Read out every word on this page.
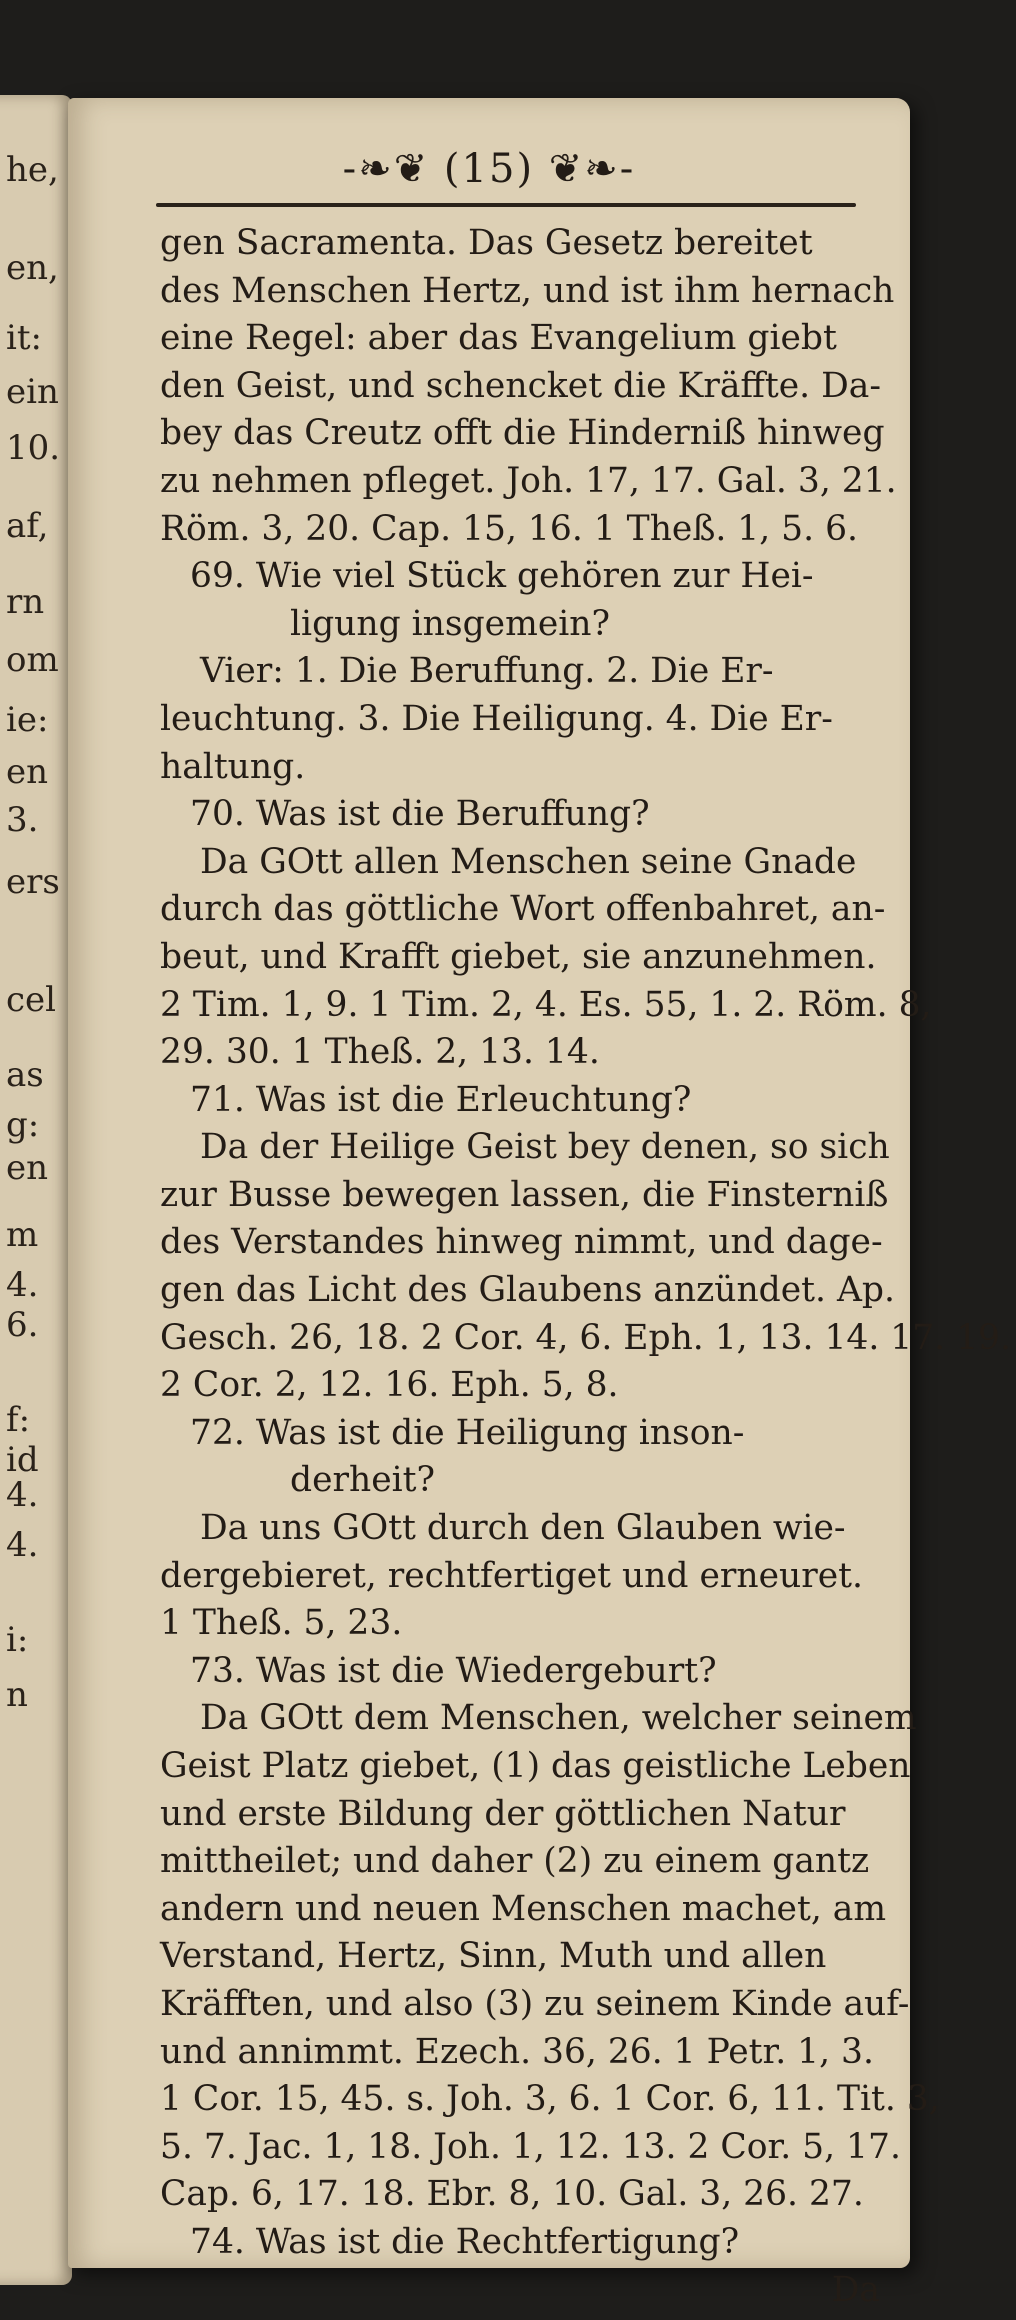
he,
en,
it:
ein
10.
af,
rn
om
ie:
en
3.
ers
cel
as
g:
en
m
4.
6.
f:
id
4.
4.
i:
n
-❧❦ (15) ❦❧-
gen Sacramenta. Das Gesetz bereitet
des Menschen Hertz, und ist ihm hernach
eine Regel: aber das Evangelium giebt
den Geist, und schencket die Kräffte. Da-
bey das Creutz offt die Hinderniß hinweg
zu nehmen pfleget. Joh. 17, 17. Gal. 3, 21.
Röm. 3, 20. Cap. 15, 16. 1 Theß. 1, 5. 6.
69. Wie viel Stück gehören zur Hei-
ligung insgemein?
Vier: 1. Die Beruffung. 2. Die Er-
leuchtung. 3. Die Heiligung. 4. Die Er-
haltung.
70. Was ist die Beruffung?
Da GOtt allen Menschen seine Gnade
durch das göttliche Wort offenbahret, an-
beut, und Krafft giebet, sie anzunehmen.
2 Tim. 1, 9. 1 Tim. 2, 4. Es. 55, 1. 2. Röm. 8,
29. 30. 1 Theß. 2, 13. 14.
71. Was ist die Erleuchtung?
Da der Heilige Geist bey denen, so sich
zur Busse bewegen lassen, die Finsterniß
des Verstandes hinweg nimmt, und dage-
gen das Licht des Glaubens anzündet. Ap.
Gesch. 26, 18. 2 Cor. 4, 6. Eph. 1, 13. 14. 17. 19.
2 Cor. 2, 12. 16. Eph. 5, 8.
72. Was ist die Heiligung inson-
derheit?
Da uns GOtt durch den Glauben wie-
dergebieret, rechtfertiget und erneuret.
1 Theß. 5, 23.
73. Was ist die Wiedergeburt?
Da GOtt dem Menschen, welcher seinem
Geist Platz giebet, (1) das geistliche Leben
und erste Bildung der göttlichen Natur
mittheilet; und daher (2) zu einem gantz
andern und neuen Menschen machet, am
Verstand, Hertz, Sinn, Muth und allen
Kräfften, und also (3) zu seinem Kinde auf-
und annimmt. Ezech. 36, 26. 1 Petr. 1, 3.
1 Cor. 15, 45. s. Joh. 3, 6. 1 Cor. 6, 11. Tit. 3,
5. 7. Jac. 1, 18. Joh. 1, 12. 13. 2 Cor. 5, 17.
Cap. 6, 17. 18. Ebr. 8, 10. Gal. 3, 26. 27.
74. Was ist die Rechtfertigung?
Da
